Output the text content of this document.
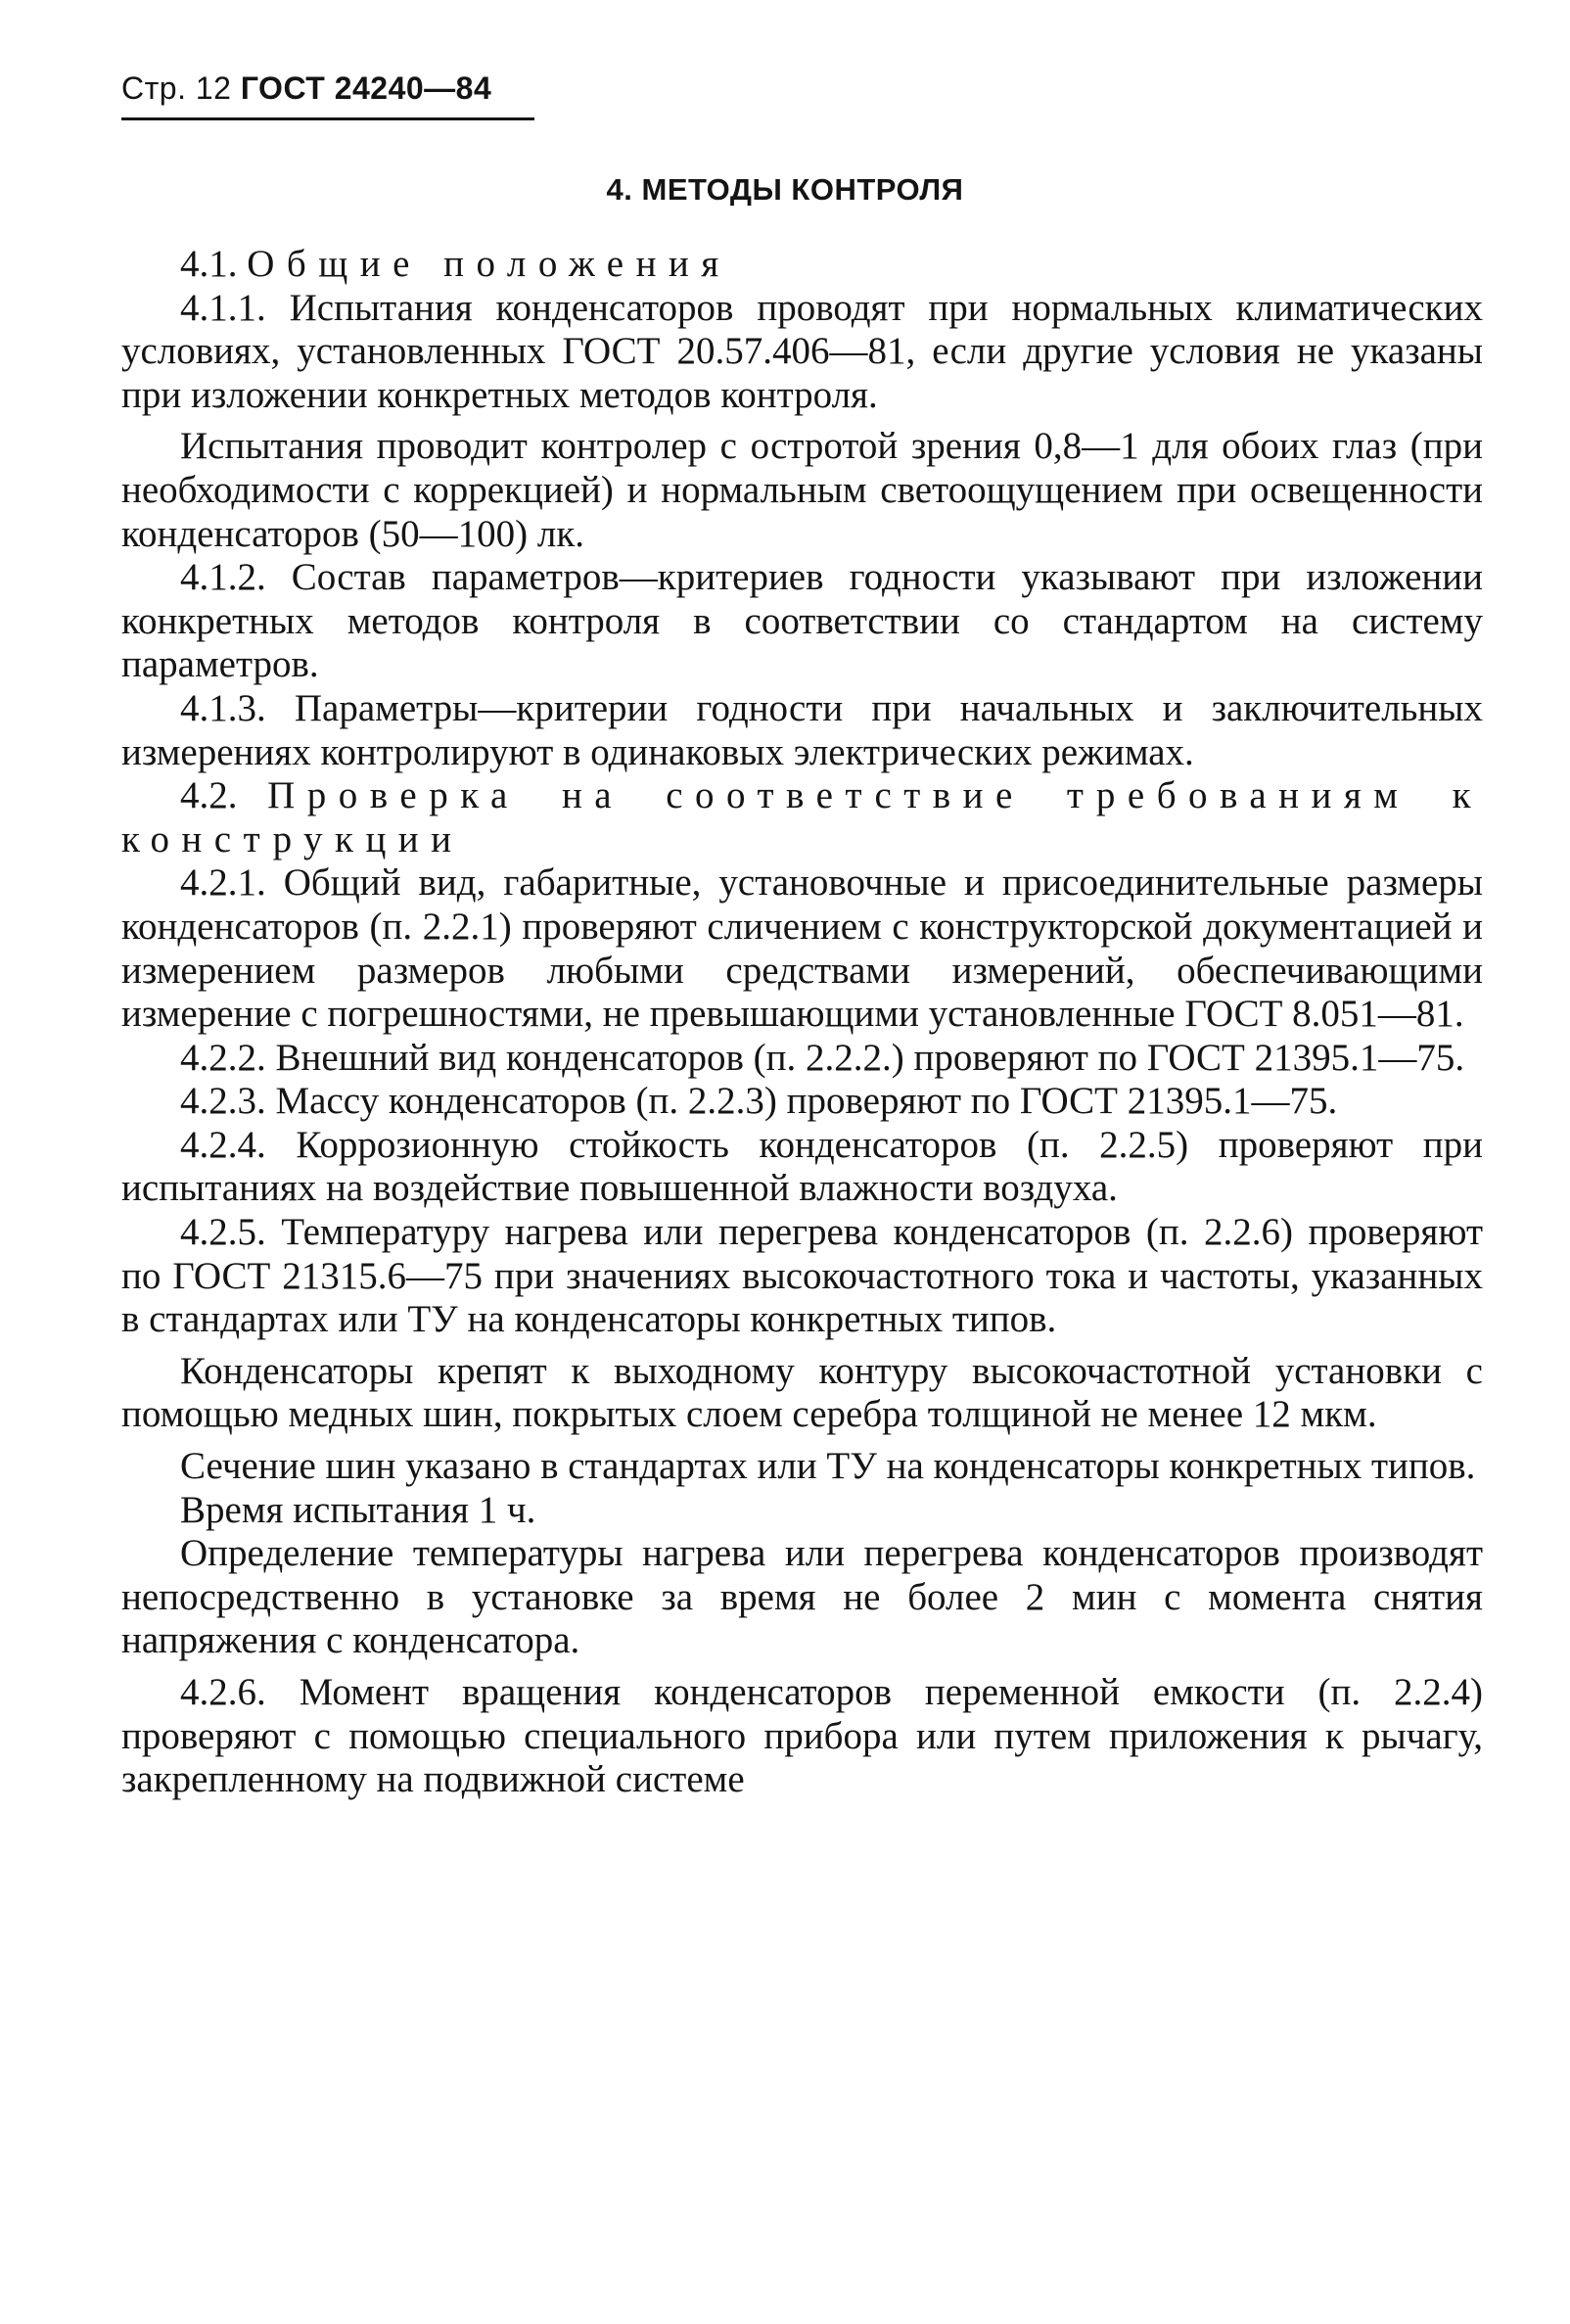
Стр. 12 ГОСТ 24240—84
4. МЕТОДЫ КОНТРОЛЯ

4.1. Общие положения

4.1.1. Испытания конденсаторов проводят при нормальных климатических условиях, установленных ГОСТ 20.57.406—81, если другие условия не указаны при изложении конкретных методов контроля.

Испытания проводит контролер с остротой зрения 0,8—1 для обоих глаз (при необходимости с коррекцией) и нормальным светоощущением при освещенности конденсаторов (50—100) лк.

4.1.2. Состав параметров—критериев годности указывают при изложении конкретных методов контроля в соответствии со стандартом на систему параметров.

4.1.3. Параметры—критерии годности при начальных и заключительных измерениях контролируют в одинаковых электрических режимах.

4.2. Проверка на соответствие требованиям к конструкции

4.2.1. Общий вид, габаритные, установочные и присоединительные размеры конденсаторов (п. 2.2.1) проверяют сличением с конструкторской документацией и измерением размеров любыми средствами измерений, обеспечивающими измерение с погрешностями, не превышающими установленные ГОСТ 8.051—81.

4.2.2. Внешний вид конденсаторов (п. 2.2.2.) проверяют по ГОСТ 21395.1—75.

4.2.3. Массу конденсаторов (п. 2.2.3) проверяют по ГОСТ 21395.1—75.

4.2.4. Коррозионную стойкость конденсаторов (п. 2.2.5) проверяют при испытаниях на воздействие повышенной влажности воздуха.

4.2.5. Температуру нагрева или перегрева конденсаторов (п. 2.2.6) проверяют по ГОСТ 21315.6—75 при значениях высокочастотного тока и частоты, указанных в стандартах или ТУ на конденсаторы конкретных типов.

Конденсаторы крепят к выходному контуру высокочастотной установки с помощью медных шин, покрытых слоем серебра толщиной не менее 12 мкм.

Сечение шин указано в стандартах или ТУ на конденсаторы конкретных типов.

Время испытания 1 ч.

Определение температуры нагрева или перегрева конденсаторов производят непосредственно в установке за время не более 2 мин с момента снятия напряжения с конденсатора.

4.2.6. Момент вращения конденсаторов переменной емкости (п. 2.2.4) проверяют с помощью специального прибора или путем приложения к рычагу, закрепленному на подвижной системе
